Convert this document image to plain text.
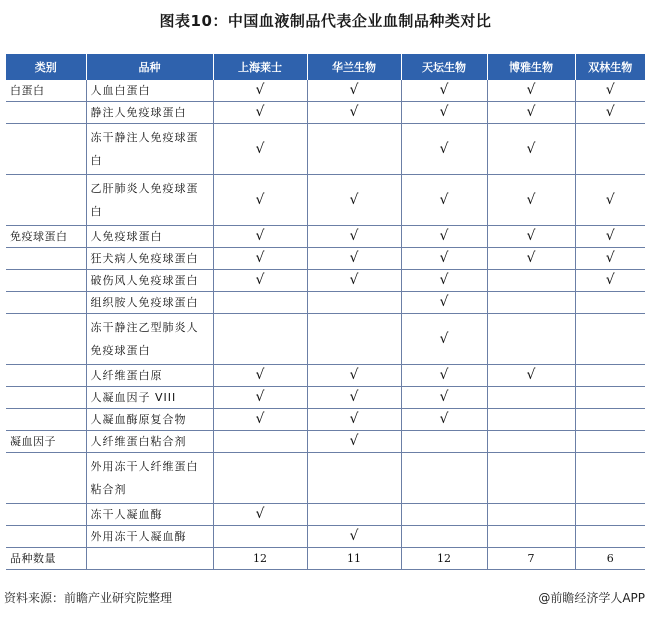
图表10：中国血液制品代表企业血制品种类对比
类别	品种	上海莱士	华兰生物	天坛生物	博雅生物	双林生物
白蛋白	人血白蛋白	√	√	√	√	√
	静注人免疫球蛋白	√	√	√	√	√
	冻干静注人免疫球蛋白	√		√	√	
	乙肝肺炎人免疫球蛋白	√	√	√	√	√
免疫球蛋白	人免疫球蛋白	√	√	√	√	√
	狂犬病人免疫球蛋白	√	√	√	√	√
	破伤风人免疫球蛋白	√	√	√		√
	组织胺人免疫球蛋白			√		
	冻干静注乙型肺炎人免疫球蛋白			√		
	人纤维蛋白原	√	√	√	√	
	人凝血因子 VIII	√	√	√		
	人凝血酶原复合物	√	√	√		
凝血因子	人纤维蛋白粘合剂		√			
	外用冻干人纤维蛋白粘合剂					
	冻干人凝血酶	√				
	外用冻干人凝血酶		√			
品种数量		12	11	12	7	6
资料来源：前瞻产业研究院整理	@前瞻经济学人APP
